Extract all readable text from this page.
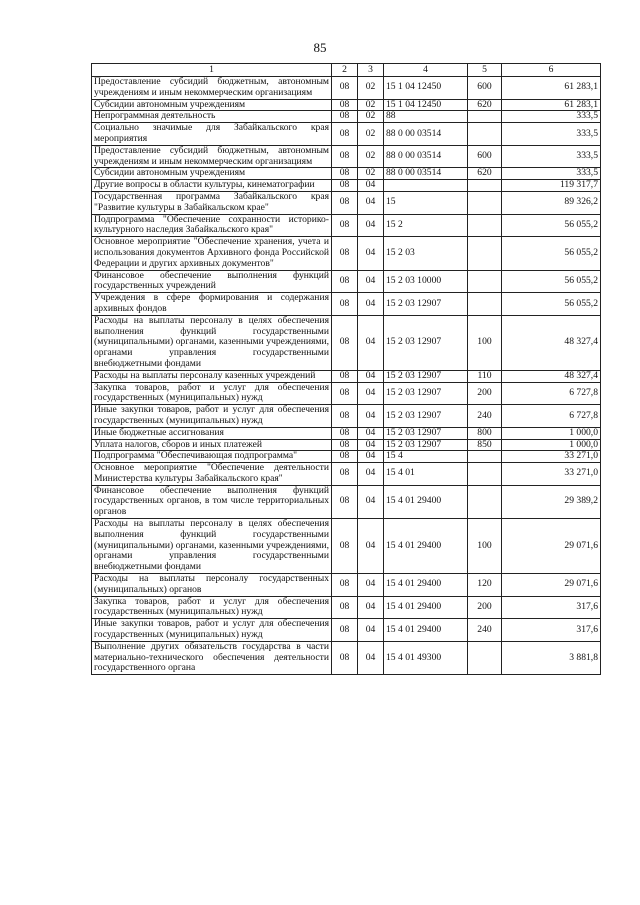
85
1	2	3	4	5	6
Предоставление субсидий бюджетным, автономным учреждениям и иным некоммерческим организациям	08	02	15 1 04 12450	600	61 283,1
Субсидии автономным учреждениям	08	02	15 1 04 12450	620	61 283,1
Непрограммная деятельность	08	02	88		333,5
Социально значимые для Забайкальского края мероприятия	08	02	88 0 00 03514		333,5
Предоставление субсидий бюджетным, автономным учреждениям и иным некоммерческим организациям	08	02	88 0 00 03514	600	333,5
Субсидии автономным учреждениям	08	02	88 0 00 03514	620	333,5
Другие вопросы в области культуры, кинематографии	08	04			119 317,7
Государственная программа Забайкальского края "Развитие культуры в Забайкальском крае"	08	04	15		89 326,2
Подпрограмма "Обеспечение сохранности историко-культурного наследия Забайкальского края"	08	04	15 2		56 055,2
Основное мероприятие "Обеспечение хранения, учета и использования документов Архивного фонда Российской Федерации и других архивных документов"	08	04	15 2 03		56 055,2
Финансовое обеспечение выполнения функций государственных учреждений	08	04	15 2 03 10000		56 055,2
Учреждения в сфере формирования и содержания архивных фондов	08	04	15 2 03 12907		56 055,2
Расходы на выплаты персоналу в целях обеспечения выполнения функций государственными (муниципальными) органами, казенными учреждениями, органами управления государственными внебюджетными фондами	08	04	15 2 03 12907	100	48 327,4
Расходы на выплаты персоналу казенных учреждений	08	04	15 2 03 12907	110	48 327,4
Закупка товаров, работ и услуг для обеспечения государственных (муниципальных) нужд	08	04	15 2 03 12907	200	6 727,8
Иные закупки товаров, работ и услуг для обеспечения государственных (муниципальных) нужд	08	04	15 2 03 12907	240	6 727,8
Иные бюджетные ассигнования	08	04	15 2 03 12907	800	1 000,0
Уплата налогов, сборов и иных платежей	08	04	15 2 03 12907	850	1 000,0
Подпрограмма "Обеспечивающая подпрограмма"	08	04	15 4		33 271,0
Основное мероприятие "Обеспечение деятельности Министерства культуры Забайкальского края"	08	04	15 4 01		33 271,0
Финансовое обеспечение выполнения функций государственных органов, в том числе территориальных органов	08	04	15 4 01 29400		29 389,2
Расходы на выплаты персоналу в целях обеспечения выполнения функций государственными (муниципальными) органами, казенными учреждениями, органами управления государственными внебюджетными фондами	08	04	15 4 01 29400	100	29 071,6
Расходы на выплаты персоналу государственных (муниципальных) органов	08	04	15 4 01 29400	120	29 071,6
Закупка товаров, работ и услуг для обеспечения государственных (муниципальных) нужд	08	04	15 4 01 29400	200	317,6
Иные закупки товаров, работ и услуг для обеспечения государственных (муниципальных) нужд	08	04	15 4 01 29400	240	317,6
Выполнение других обязательств государства в части материально-технического обеспечения деятельности государственного органа	08	04	15 4 01 49300		3 881,8
